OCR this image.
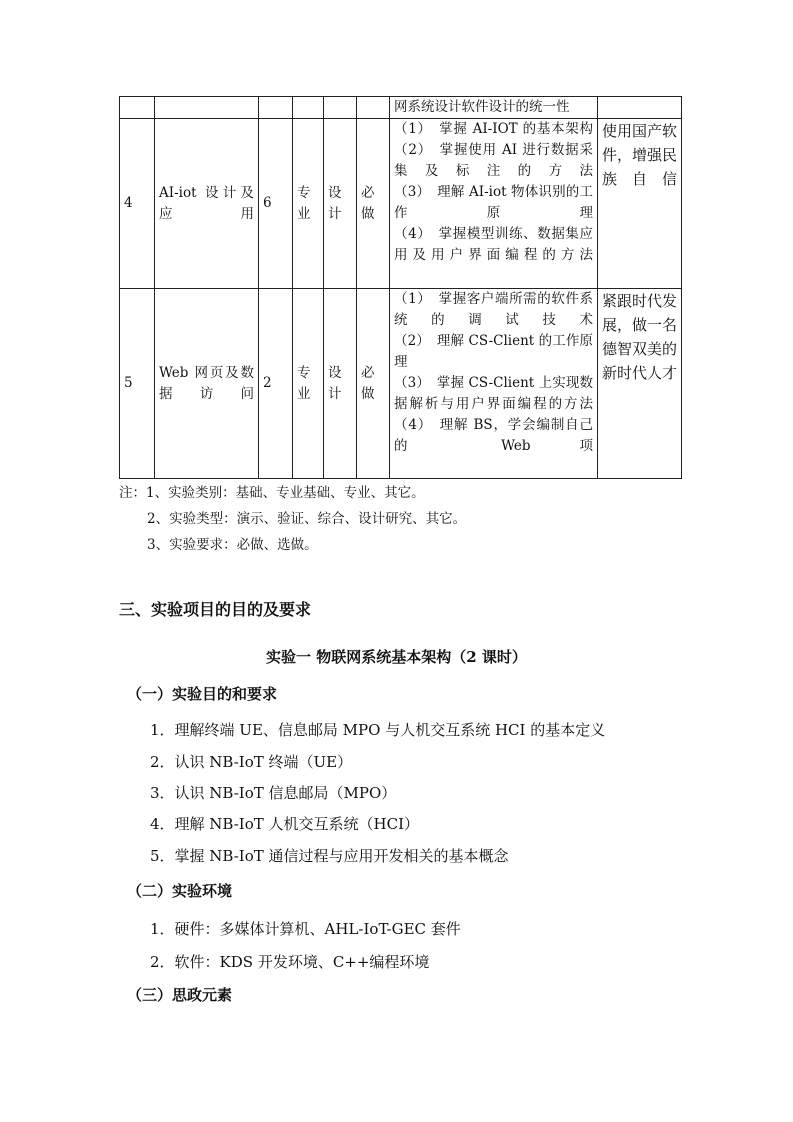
						网系统设计软件设计的统一性	
4	AI-iot 设计及应用	6	专业	设计	必做	（1）　掌握 AI-IOT 的基本架构
（2）　掌握使用 AI 进行数据采集及标注的方法
（3）　理解 AI-iot 物体识别的工作原理
（4）　掌握模型训练、数据集应用及用户界面编程的方法	使用国产软件，增强民族自信
5	Web 网页及数据访问	2	专业	设计	必做	（1）　掌握客户端所需的软件系统的调试技术
（2）　理解 CS-Client 的工作原理
（3）　掌握 CS-Client 上实现数据解析与用户界面编程的方法
（4）　理解 BS，学会编制自己的 Web 项	紧跟时代发展，做一名德智双美的新时代人才
注：1、实验类别：基础、专业基础、专业、其它。
2、实验类型：演示、验证、综合、设计研究、其它。
3、实验要求：必做、选做。
三、实验项目的目的及要求
实验一 物联网系统基本架构（2 课时）
（一）实验目的和要求
1．理解终端 UE、信息邮局 MPO 与人机交互系统 HCI 的基本定义
2．认识 NB-IoT 终端（UE）
3．认识 NB-IoT 信息邮局（MPO）
4．理解 NB-IoT 人机交互系统（HCI）
5．掌握 NB-IoT 通信过程与应用开发相关的基本概念
（二）实验环境
1．硬件：多媒体计算机、AHL-IoT-GEC 套件
2．软件：KDS 开发环境、C++编程环境
（三）思政元素
